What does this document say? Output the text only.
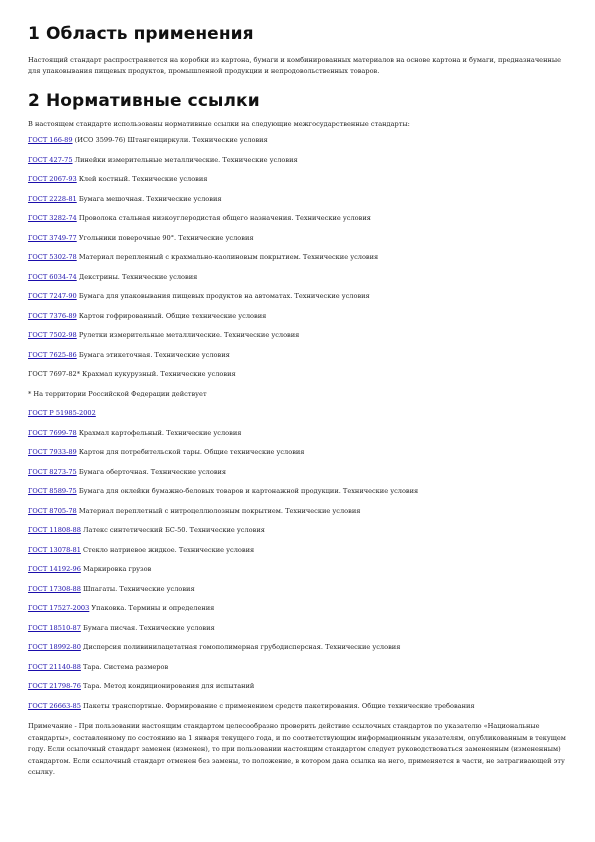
1 Область применения

Настоящий стандарт распространяется на коробки из картона, бумаги и комбинированных материалов на основе картона и бумаги, предназначенные для упаковывания пищевых продуктов, промышленной продукции и непродовольственных товаров.

2 Нормативные ссылки

В настоящем стандарте использованы нормативные ссылки на следующие межгосударственные стандарты:

ГОСТ 166-89 (ИСО 3599-76) Штангенциркули. Технические условия
ГОСТ 427-75 Линейки измерительные металлические. Технические условия
ГОСТ 2067-93 Клей костный. Технические условия
ГОСТ 2228-81 Бумага мешочная. Технические условия
ГОСТ 3282-74 Проволока стальная низкоуглеродистая общего назначения. Технические условия
ГОСТ 3749-77 Угольники поверочные 90°. Технические условия
ГОСТ 5302-78 Материал перепленный с крахмально-каолиновым покрытием. Технические условия
ГОСТ 6034-74 Декстрины. Технические условия
ГОСТ 7247-90 Бумага для упаковывания пищевых продуктов на автоматах. Технические условия
ГОСТ 7376-89 Картон гофрированный. Общие технические условия
ГОСТ 7502-98 Рулетки измерительные металлические. Технические условия
ГОСТ 7625-86 Бумага этикеточная. Технические условия
ГОСТ 7697-82* Крахмал кукурузный. Технические условия
* На территории Российской Федерации действует
ГОСТ Р 51985-2002
ГОСТ 7699-78 Крахмал картофельный. Технические условия
ГОСТ 7933-89 Картон для потребительской тары. Общие технические условия
ГОСТ 8273-75 Бумага оберточная. Технические условия
ГОСТ 8589-75 Бумага для оклейки бумажно-беловых товаров и картонажной продукции. Технические условия
ГОСТ 8705-78 Материал переплетный с нитроцеллюлозным покрытием. Технические условия
ГОСТ 11808-88 Латекс синтетический БС-50. Технические условия
ГОСТ 13078-81 Стекло натриевое жидкое. Технические условия
ГОСТ 14192-96 Маркировка грузов
ГОСТ 17308-88 Шпагаты. Технические условия
ГОСТ 17527-2003 Упаковка. Термины и определения
ГОСТ 18510-87 Бумага писчая. Технические условия
ГОСТ 18992-80 Дисперсия поливинилацетатная гомополимерная грубодисперсная. Технические условия
ГОСТ 21140-88 Тара. Система размеров
ГОСТ 21798-76 Тара. Метод кондиционирования для испытаний
ГОСТ 26663-85 Пакеты транспортные. Формирование с применением средств пакетирования. Общие технические требования

Примечание - При пользовании настоящим стандартом целесообразно проверить действие ссылочных стандартов по указателю «Национальные стандарты», составленному по состоянию на 1 января текущего года, и по соответствующим информационным указателям, опубликованным в текущем году. Если ссылочный стандарт заменен (изменен), то при пользовании настоящим стандартом следует руководствоваться замененным (измененным) стандартом. Если ссылочный стандарт отменен без замены, то положение, в котором дана ссылка на него, применяется в части, не затрагивающей эту ссылку.
